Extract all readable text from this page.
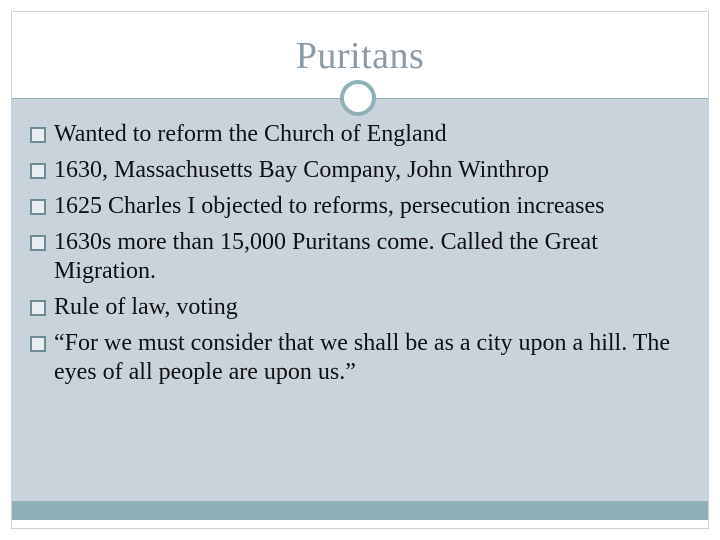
Puritans
Wanted to reform the Church of England
1630, Massachusetts Bay Company, John Winthrop
1625 Charles I objected to reforms, persecution increases
1630s more than 15,000 Puritans come. Called the Great Migration.
Rule of law, voting
“For we must consider that we shall be as a city upon a hill. The eyes of all people are upon us.”
